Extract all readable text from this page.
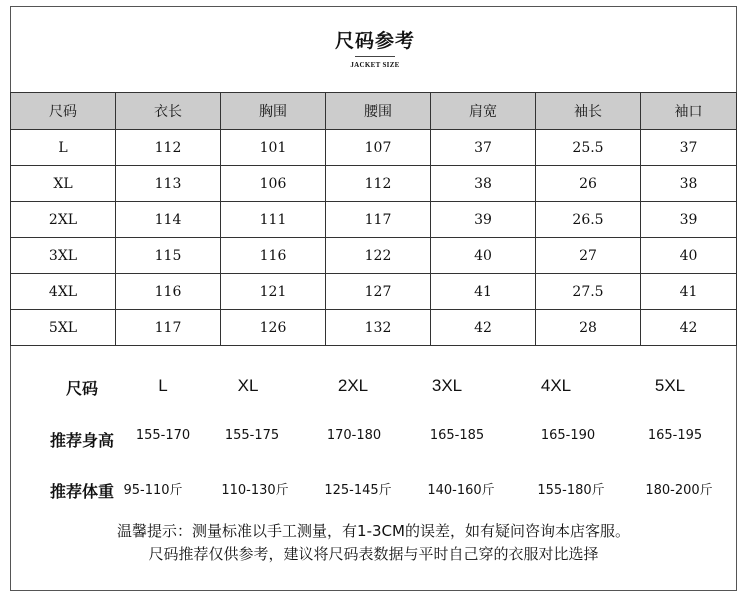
尺码参考
JACKET SIZE
尺码	衣长	胸围	腰围	肩宽	袖长	袖口
L	112	101	107	37	25.5	37
XL	113	106	112	38	26	38
2XL	114	111	117	39	26.5	39
3XL	115	116	122	40	27	40
4XL	116	121	127	41	27.5	41
5XL	117	126	132	42	28	42
尺码	L	XL	2XL	3XL	4XL	5XL
推荐身高 155-170	155-175	170-180	165-185	165-190	165-195
推荐体重 95-110斤	110-130斤	125-145斤	140-160斤	155-180斤	180-200斤
温馨提示：测量标准以手工测量，有1-3CM的误差，如有疑问咨询本店客服。
尺码推荐仅供参考，建议将尺码表数据与平时自己穿的衣服对比选择
